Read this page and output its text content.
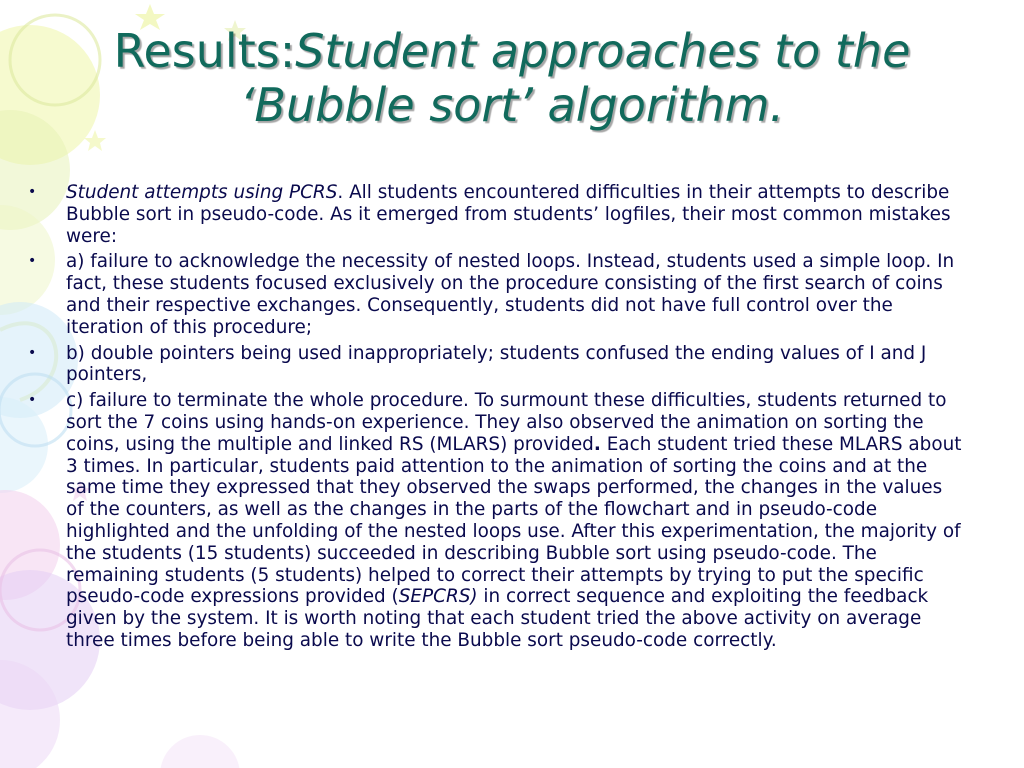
Results:Student approaches to the ‘Bubble sort’ algorithm.
• Student attempts using PCRS. All students encountered difficulties in their attempts to describe Bubble sort in pseudo-code. As it emerged from students’ logfiles, their most common mistakes were:
• a) failure to acknowledge the necessity of nested loops. Instead, students used a simple loop. In fact, these students focused exclusively on the procedure consisting of the first search of coins and their respective exchanges. Consequently, students did not have full control over the iteration of this procedure;
• b) double pointers being used inappropriately; students confused the ending values of I and J pointers,
• c) failure to terminate the whole procedure. To surmount these difficulties, students returned to sort the 7 coins using hands-on experience. They also observed the animation on sorting the coins, using the multiple and linked RS (MLARS) provided. Each student tried these MLARS about 3 times. In particular, students paid attention to the animation of sorting the coins and at the same time they expressed that they observed the swaps performed, the changes in the values of the counters, as well as the changes in the parts of the flowchart and in pseudo-code highlighted and the unfolding of the nested loops use. After this experimentation, the majority of the students (15 students) succeeded in describing Bubble sort using pseudo-code. The remaining students (5 students) helped to correct their attempts by trying to put the specific pseudo-code expressions provided (SEPCRS) in correct sequence and exploiting the feedback given by the system. It is worth noting that each student tried the above activity on average three times before being able to write the Bubble sort pseudo-code correctly.
